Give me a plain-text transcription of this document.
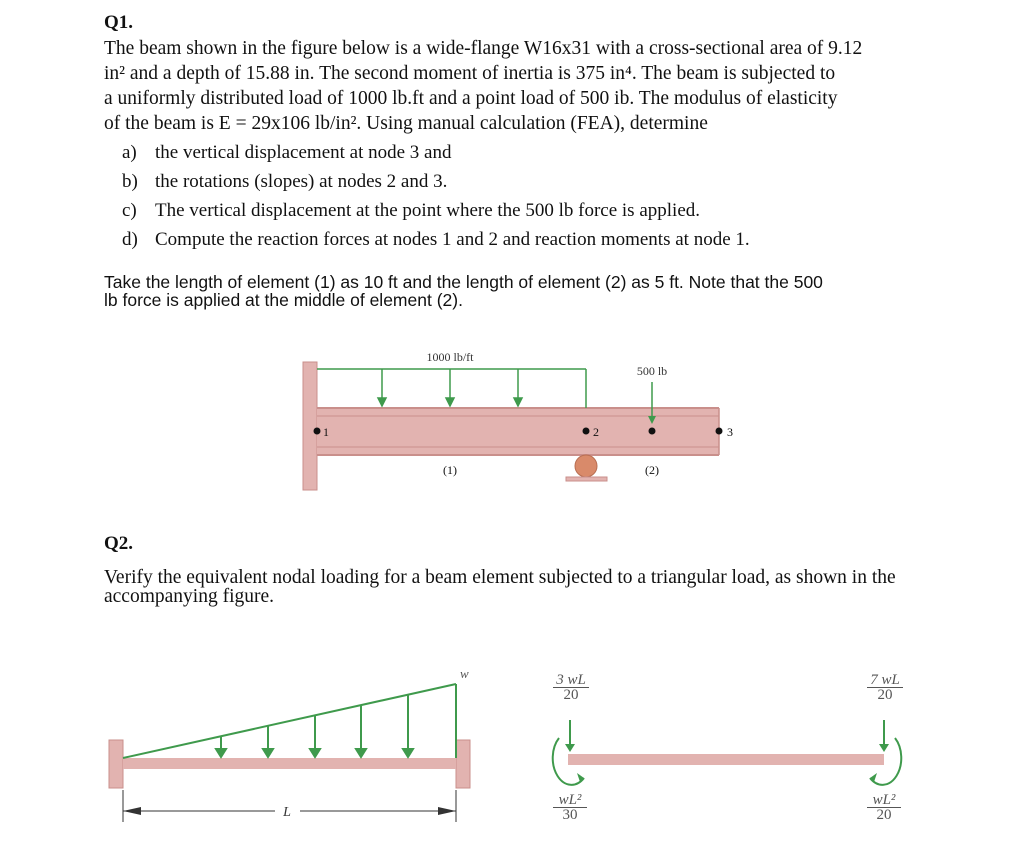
Q1.
The beam shown in the figure below is a wide-flange W16x31 with a cross-sectional area of 9.12
in² and a depth of 15.88 in. The second moment of inertia is 375 in⁴. The beam is subjected to
a uniformly distributed load of 1000 lb.ft and a point load of 500 ib. The modulus of elasticity
of the beam is E = 29x106 lb/in². Using manual calculation (FEA), determine
a) the vertical displacement at node 3 and
b) the rotations (slopes) at nodes 2 and 3.
c) The vertical displacement at the point where the 500 lb force is applied.
d) Compute the reaction forces at nodes 1 and 2 and reaction moments at node 1.
Take the length of element (1) as 10 ft and the length of element (2) as 5 ft. Note that the 500
lb force is applied at the middle of element (2).
1000 lb/ft
500 lb
1	2	3
(1)	(2)
Q2.
Verify the equivalent nodal loading for a beam element subjected to a triangular load, as shown in the
accompanying figure.
w
L
$\frac{3 wL}{20}$	$\frac{7 wL}{20}$
$\frac{\text{wL²}}{30}$	$\frac{\text{wL²}}{20}$
